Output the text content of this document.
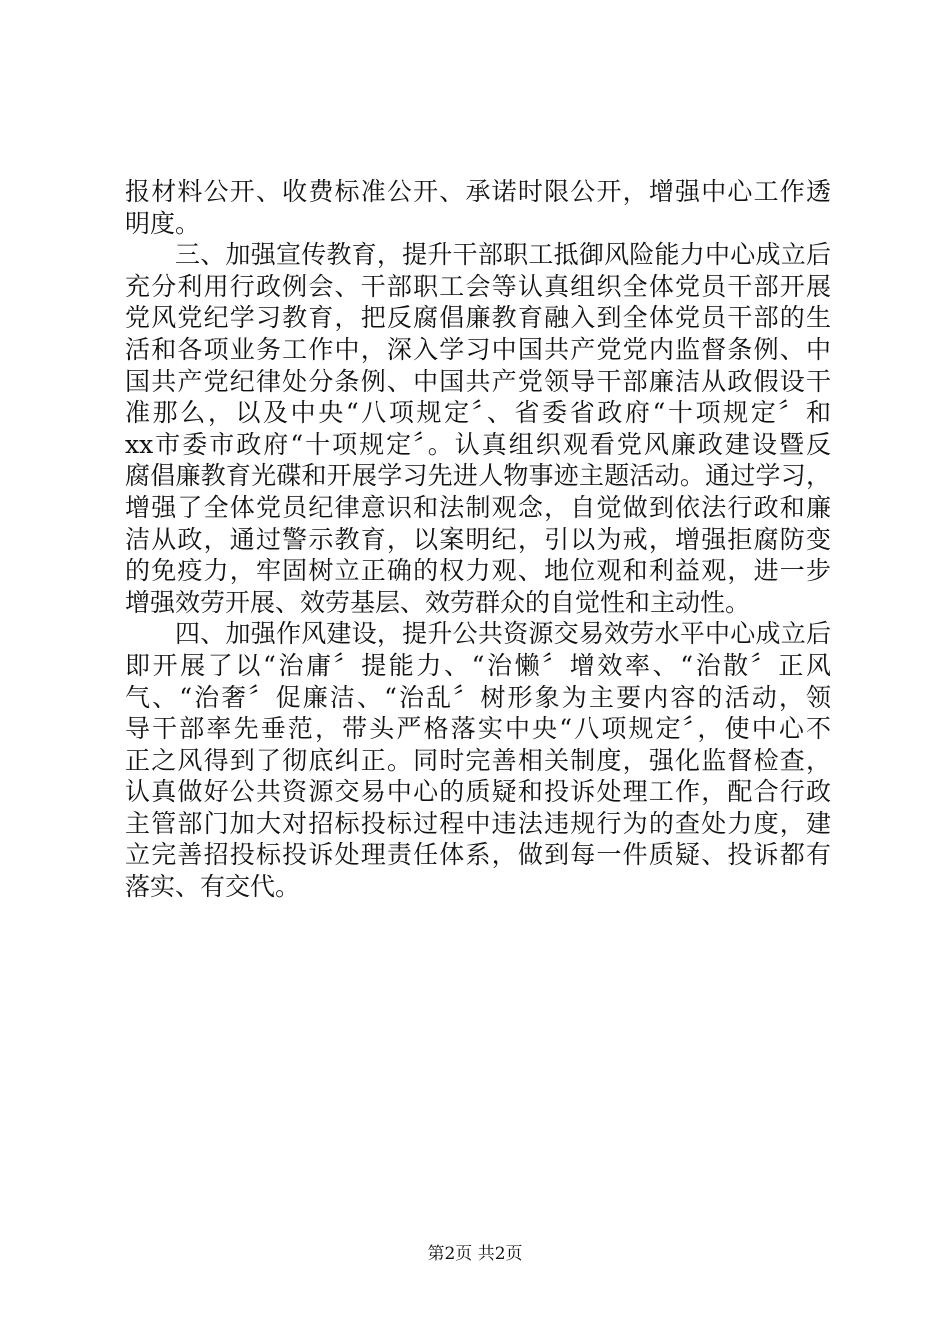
报材料公开、收费标准公开、承诺时限公开，增强中心工作透
明度。
三、加强宣传教育，提升干部职工抵御风险能力中心成立后
充分利用行政例会、干部职工会等认真组织全体党员干部开展
党风党纪学习教育，把反腐倡廉教育融入到全体党员干部的生
活和各项业务工作中，深入学习中国共产党党内监督条例、中
国共产党纪律处分条例、中国共产党领导干部廉洁从政假设干
准那么，以及中央“八项规定〞、省委省政府“十项规定〞和
xx市委市政府“十项规定〞。认真组织观看党风廉政建设暨反
腐倡廉教育光碟和开展学习先进人物事迹主题活动。通过学习，
增强了全体党员纪律意识和法制观念，自觉做到依法行政和廉
洁从政，通过警示教育，以案明纪，引以为戒，增强拒腐防变
的免疫力，牢固树立正确的权力观、地位观和利益观，进一步
增强效劳开展、效劳基层、效劳群众的自觉性和主动性。
四、加强作风建设，提升公共资源交易效劳水平中心成立后
即开展了以“治庸〞提能力、“治懒〞增效率、“治散〞正风
气、“治奢〞促廉洁、“治乱〞树形象为主要内容的活动，领
导干部率先垂范，带头严格落实中央“八项规定〞，使中心不
正之风得到了彻底纠正。同时完善相关制度，强化监督检查，
认真做好公共资源交易中心的质疑和投诉处理工作，配合行政
主管部门加大对招标投标过程中违法违规行为的查处力度，建
立完善招投标投诉处理责任体系，做到每一件质疑、投诉都有
落实、有交代。
第2页 共2页
